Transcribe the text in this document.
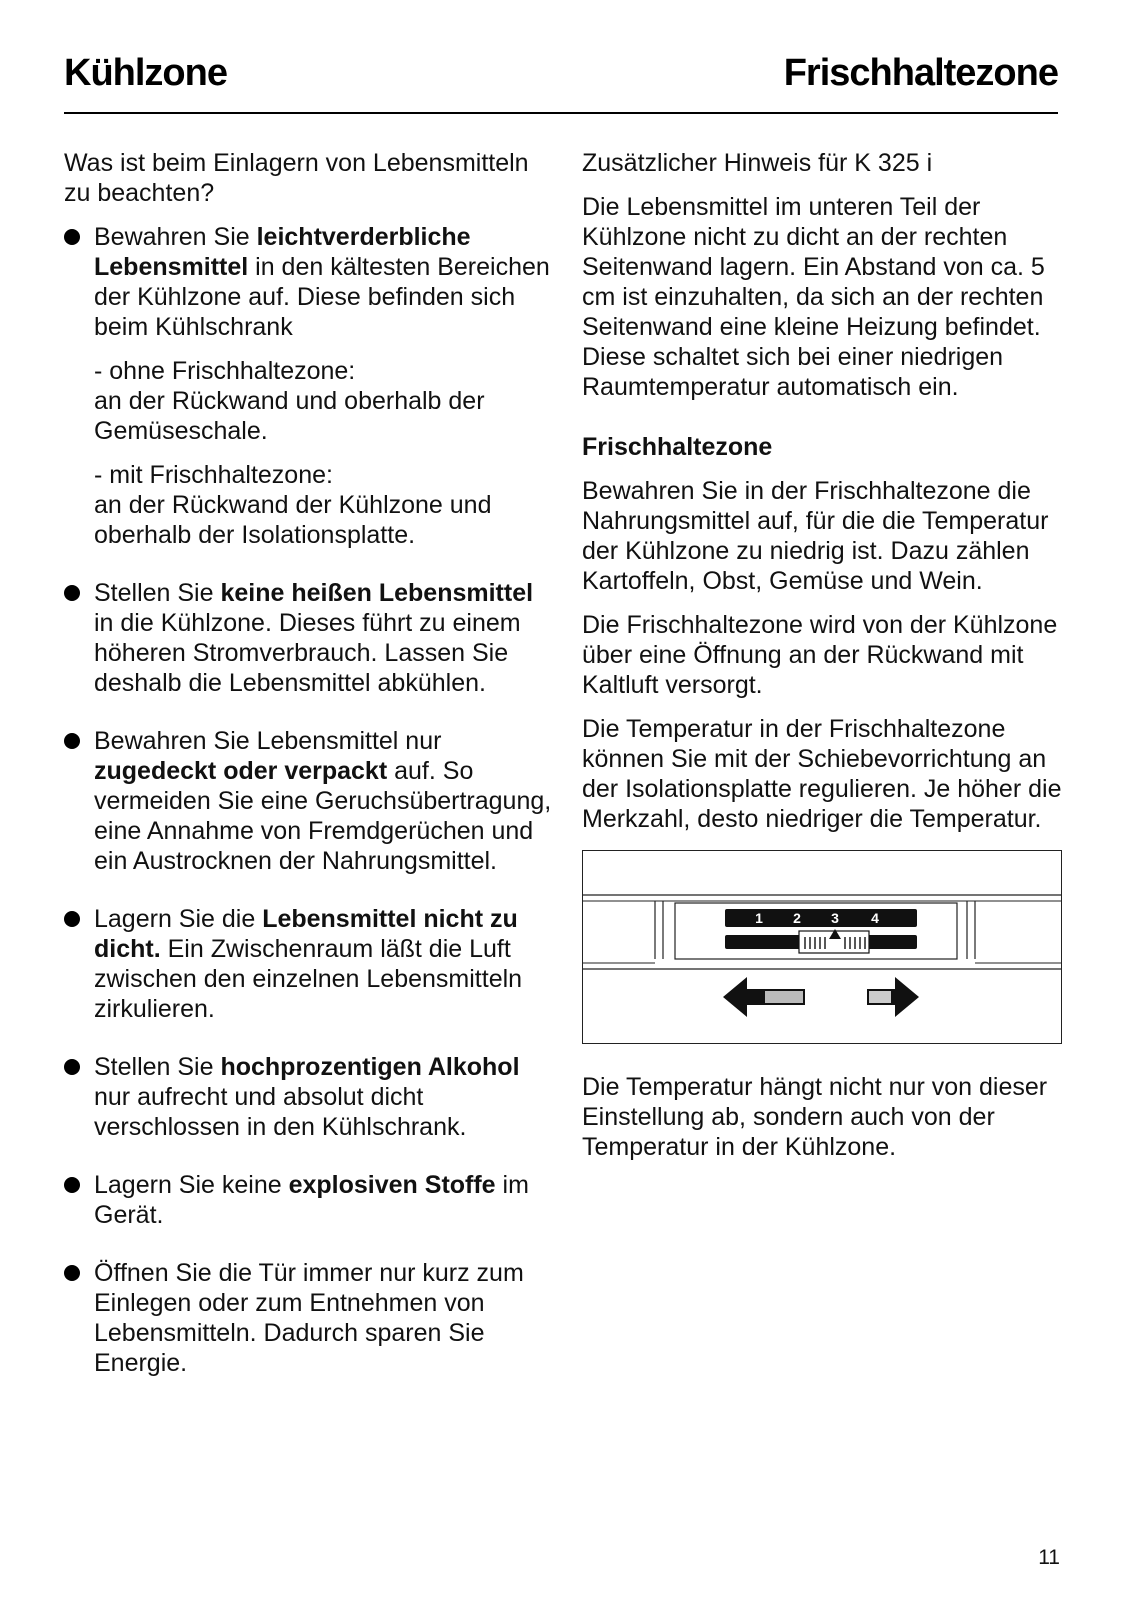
Kühlzone	Frischhaltezone

Was ist beim Einlagern von Lebensmitteln zu beachten?

Bewahren Sie leichtverderbliche Lebensmittel in den kältesten Bereichen der Kühlzone auf. Diese befinden sich beim Kühlschrank

- ohne Frischhaltezone:

an der Rückwand und oberhalb der Gemüseschale.

- mit Frischhaltezone:

an der Rückwand der Kühlzone und oberhalb der Isolationsplatte.

Stellen Sie keine heißen Lebensmittel in die Kühlzone. Dieses führt zu einem höheren Stromverbrauch. Lassen Sie deshalb die Lebensmittel abkühlen.

Bewahren Sie Lebensmittel nur zugedeckt oder verpackt auf. So vermeiden Sie eine Geruchsübertragung, eine Annahme von Fremdgerüchen und ein Austrocknen der Nahrungsmittel.

Lagern Sie die Lebensmittel nicht zu dicht. Ein Zwischenraum läßt die Luft zwischen den einzelnen Lebensmitteln zirkulieren.

Stellen Sie hochprozentigen Alkohol nur aufrecht und absolut dicht verschlossen in den Kühlschrank.

Lagern Sie keine explosiven Stoffe im Gerät.

Öffnen Sie die Tür immer nur kurz zum Einlegen oder zum Entnehmen von Lebensmitteln. Dadurch sparen Sie Energie.

Zusätzlicher Hinweis für K 325 i

Die Lebensmittel im unteren Teil der Kühlzone nicht zu dicht an der rechten Seitenwand lagern. Ein Abstand von ca. 5 cm ist einzuhalten, da sich an der rechten Seitenwand eine kleine Heizung befindet. Diese schaltet sich bei einer niedrigen Raumtemperatur automatisch ein.

Frischhaltezone

Bewahren Sie in der Frischhaltezone die Nahrungsmittel auf, für die die Temperatur der Kühlzone zu niedrig ist. Dazu zählen Kartoffeln, Obst, Gemüse und Wein.

Die Frischhaltezone wird von der Kühlzone über eine Öffnung an der Rückwand mit Kaltluft versorgt.

Die Temperatur in der Frischhaltezone können Sie mit der Schiebevorrichtung an der Isolationsplatte regulieren. Je höher die Merkzahl, desto niedriger die Temperatur.

1 2 3 4

Die Temperatur hängt nicht nur von dieser Einstellung ab, sondern auch von der Temperatur in der Kühlzone.

11
